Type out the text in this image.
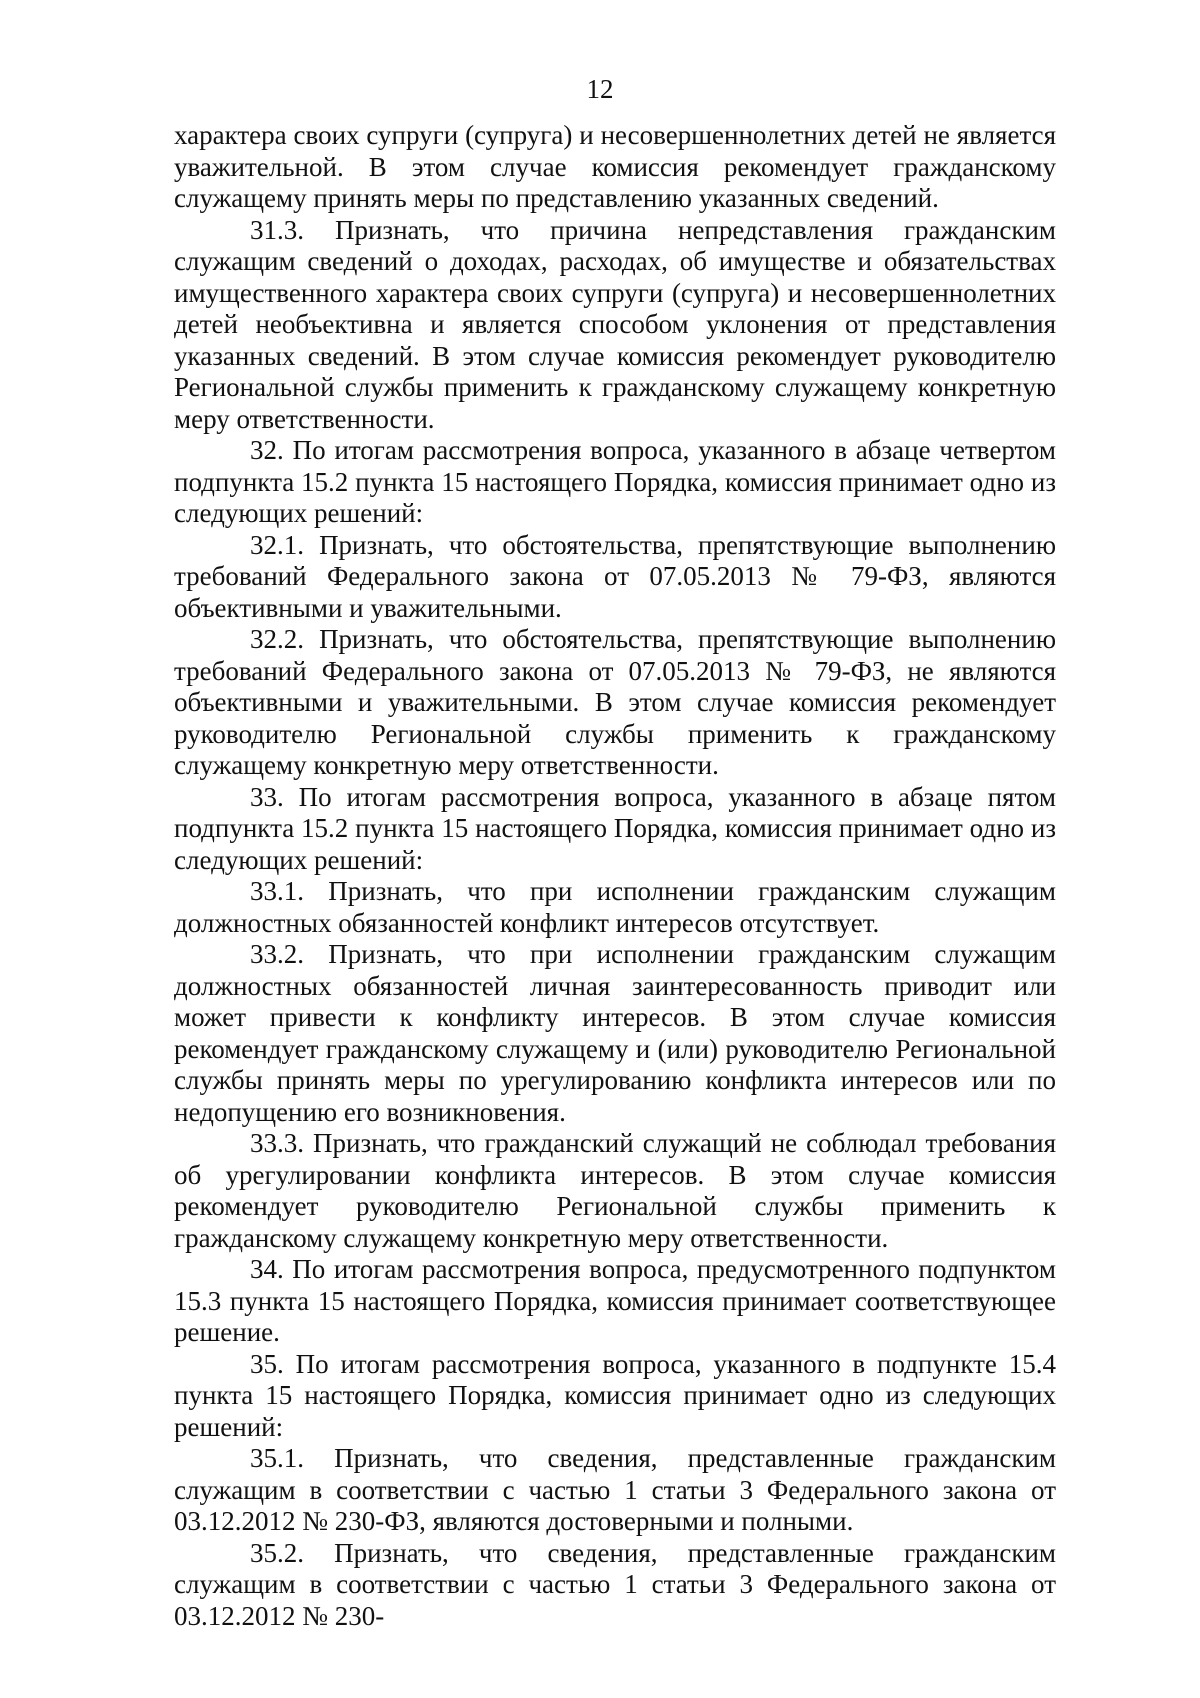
12

характера своих супруги (супруга) и несовершеннолетних детей не является уважительной. В этом случае комиссия рекомендует гражданскому служащему принять меры по представлению указанных сведений.

31.3. Признать, что причина непредставления гражданским служащим сведений о доходах, расходах, об имуществе и обязательствах имущественного характера своих супруги (супруга) и несовершеннолетних детей необъективна и является способом уклонения от представления указанных сведений. В этом случае комиссия рекомендует руководителю Региональной службы применить к гражданскому служащему конкретную меру ответственности.

32. По итогам рассмотрения вопроса, указанного в абзаце четвертом подпункта 15.2 пункта 15 настоящего Порядка, комиссия принимает одно из следующих решений:

32.1. Признать, что обстоятельства, препятствующие выполнению требований Федерального закона от 07.05.2013 № 79-ФЗ, являются объективными и уважительными.

32.2. Признать, что обстоятельства, препятствующие выполнению требований Федерального закона от 07.05.2013 № 79-ФЗ, не являются объективными и уважительными. В этом случае комиссия рекомендует руководителю Региональной службы применить к гражданскому служащему конкретную меру ответственности.

33. По итогам рассмотрения вопроса, указанного в абзаце пятом подпункта 15.2 пункта 15 настоящего Порядка, комиссия принимает одно из следующих решений:

33.1. Признать, что при исполнении гражданским служащим должностных обязанностей конфликт интересов отсутствует.

33.2. Признать, что при исполнении гражданским служащим должностных обязанностей личная заинтересованность приводит или может привести к конфликту интересов. В этом случае комиссия рекомендует гражданскому служащему и (или) руководителю Региональной службы принять меры по урегулированию конфликта интересов или по недопущению его возникновения.

33.3. Признать, что гражданский служащий не соблюдал требования об урегулировании конфликта интересов. В этом случае комиссия рекомендует руководителю Региональной службы применить к гражданскому служащему конкретную меру ответственности.

34. По итогам рассмотрения вопроса, предусмотренного подпунктом 15.3 пункта 15 настоящего Порядка, комиссия принимает соответствующее решение.

35. По итогам рассмотрения вопроса, указанного в подпункте 15.4 пункта 15 настоящего Порядка, комиссия принимает одно из следующих решений:

35.1. Признать, что сведения, представленные гражданским служащим в соответствии с частью 1 статьи 3 Федерального закона от 03.12.2012 № 230-ФЗ, являются достоверными и полными.

35.2. Признать, что сведения, представленные гражданским служащим в соответствии с частью 1 статьи 3 Федерального закона от 03.12.2012 № 230-
